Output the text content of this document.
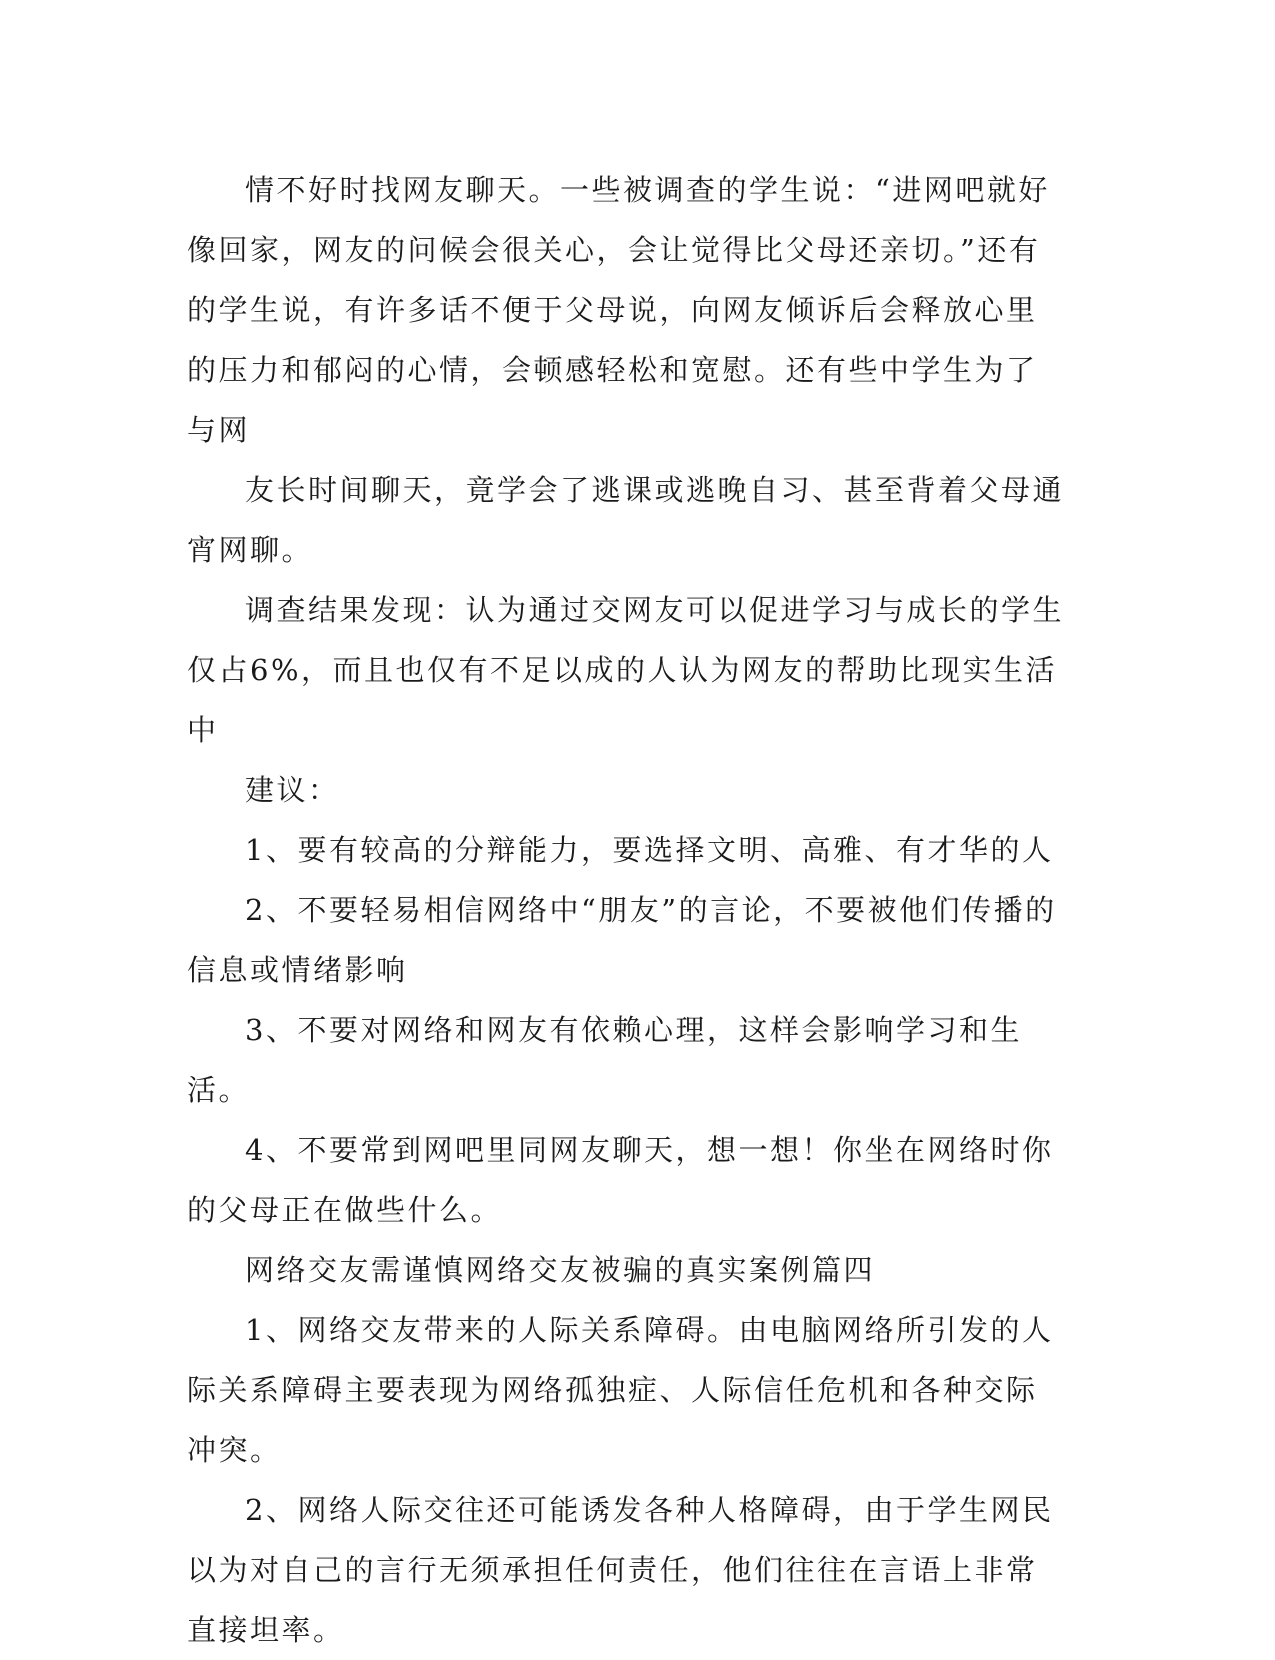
情不好时找网友聊天。一些被调查的学生说：“进网吧就好像回家，网友的问候会很关心，会让觉得比父母还亲切。”还有的学生说，有许多话不便于父母说，向网友倾诉后会释放心里的压力和郁闷的心情，会顿感轻松和宽慰。还有些中学生为了与网

友长时间聊天，竟学会了逃课或逃晚自习、甚至背着父母通宵网聊。

调查结果发现：认为通过交网友可以促进学习与成长的学生仅占6%，而且也仅有不足以成的人认为网友的帮助比现实生活中

建议：

1、要有较高的分辩能力，要选择文明、高雅、有才华的人

2、不要轻易相信网络中“朋友”的言论，不要被他们传播的信息或情绪影响

3、不要对网络和网友有依赖心理，这样会影响学习和生活。

4、不要常到网吧里同网友聊天，想一想！你坐在网络时你的父母正在做些什么。

网络交友需谨慎网络交友被骗的真实案例篇四

1、网络交友带来的人际关系障碍。由电脑网络所引发的人际关系障碍主要表现为网络孤独症、人际信任危机和各种交际冲突。

2、网络人际交往还可能诱发各种人格障碍，由于学生网民以为对自己的言行无须承担任何责任，他们往往在言语上非常直接坦率。
